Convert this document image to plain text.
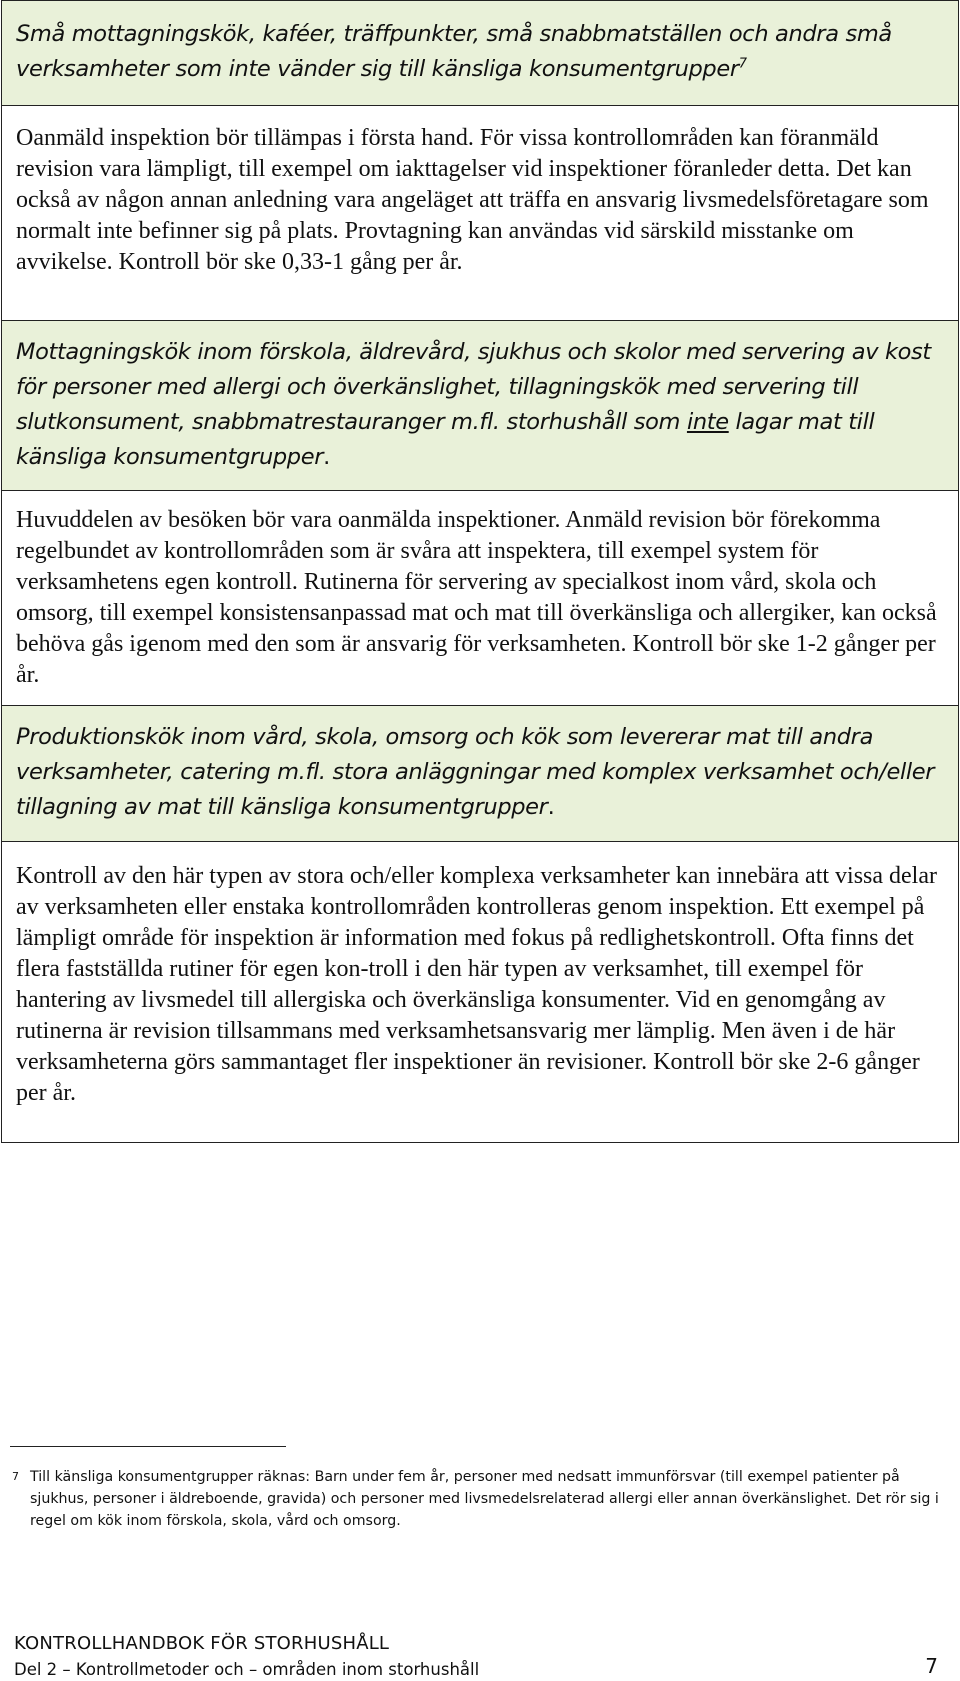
Små mottagningskök, kaféer, träffpunkter, små snabbmatställen och andra små verksamheter som inte vänder sig till känsliga konsumentgrupper$^7$
Oanmäld inspektion bör tillämpas i första hand. För vissa kontrollområden kan föranmäld revision vara lämpligt, till exempel om iakttagelser vid inspektioner föranleder detta. Det kan också av någon annan anledning vara angeläget att träffa en ansvarig livsmedelsföretagare som normalt inte befinner sig på plats. Provtagning kan användas vid särskild misstanke om avvikelse. Kontroll bör ske 0,33-1 gång per år.
Mottagningskök inom förskola, äldrevård, sjukhus och skolor med servering av kost för personer med allergi och överkänslighet, tillagningskök med servering till slutkonsument, snabbmatrestauranger m.fl. storhushåll som inte lagar mat till känsliga konsumentgrupper.
Huvuddelen av besöken bör vara oanmälda inspektioner. Anmäld revision bör förekomma regelbundet av kontrollområden som är svåra att inspektera, till exempel system för verksamhetens egen kontroll. Rutinerna för servering av specialkost inom vård, skola och omsorg, till exempel konsistensanpassad mat och mat till överkänsliga och allergiker, kan också behöva gås igenom med den som är ansvarig för verksamheten. Kontroll bör ske 1-2 gånger per år.
Produktionskök inom vård, skola, omsorg och kök som levererar mat till andra verksamheter, catering m.fl. stora anläggningar med komplex verksamhet och/eller tillagning av mat till känsliga konsumentgrupper.
Kontroll av den här typen av stora och/eller komplexa verksamheter kan innebära att vissa delar av verksamheten eller enstaka kontrollområden kontrolleras genom inspektion. Ett exempel på lämpligt område för inspektion är information med fokus på redlighetskontroll. Ofta finns det flera fastställda rutiner för egen kon-troll i den här typen av verksamhet, till exempel för hantering av livsmedel till allergiska och överkänsliga konsumenter. Vid en genomgång av rutinerna är revision tillsammans med verksamhetsansvarig mer lämplig. Men även i de här verksamheterna görs sammantaget fler inspektioner än revisioner. Kontroll bör ske 2-6 gånger per år.
7 Till känsliga konsumentgrupper räknas: Barn under fem år, personer med nedsatt immunförsvar (till exempel patienter på sjukhus, personer i äldreboende, gravida) och personer med livsmedelsrelaterad allergi eller annan överkänslighet. Det rör sig i regel om kök inom förskola, skola, vård och omsorg.
KONTROLLHANDBOK FÖR STORHUSHÅLL
Del 2 – Kontrollmetoder och – områden inom storhushåll	7
